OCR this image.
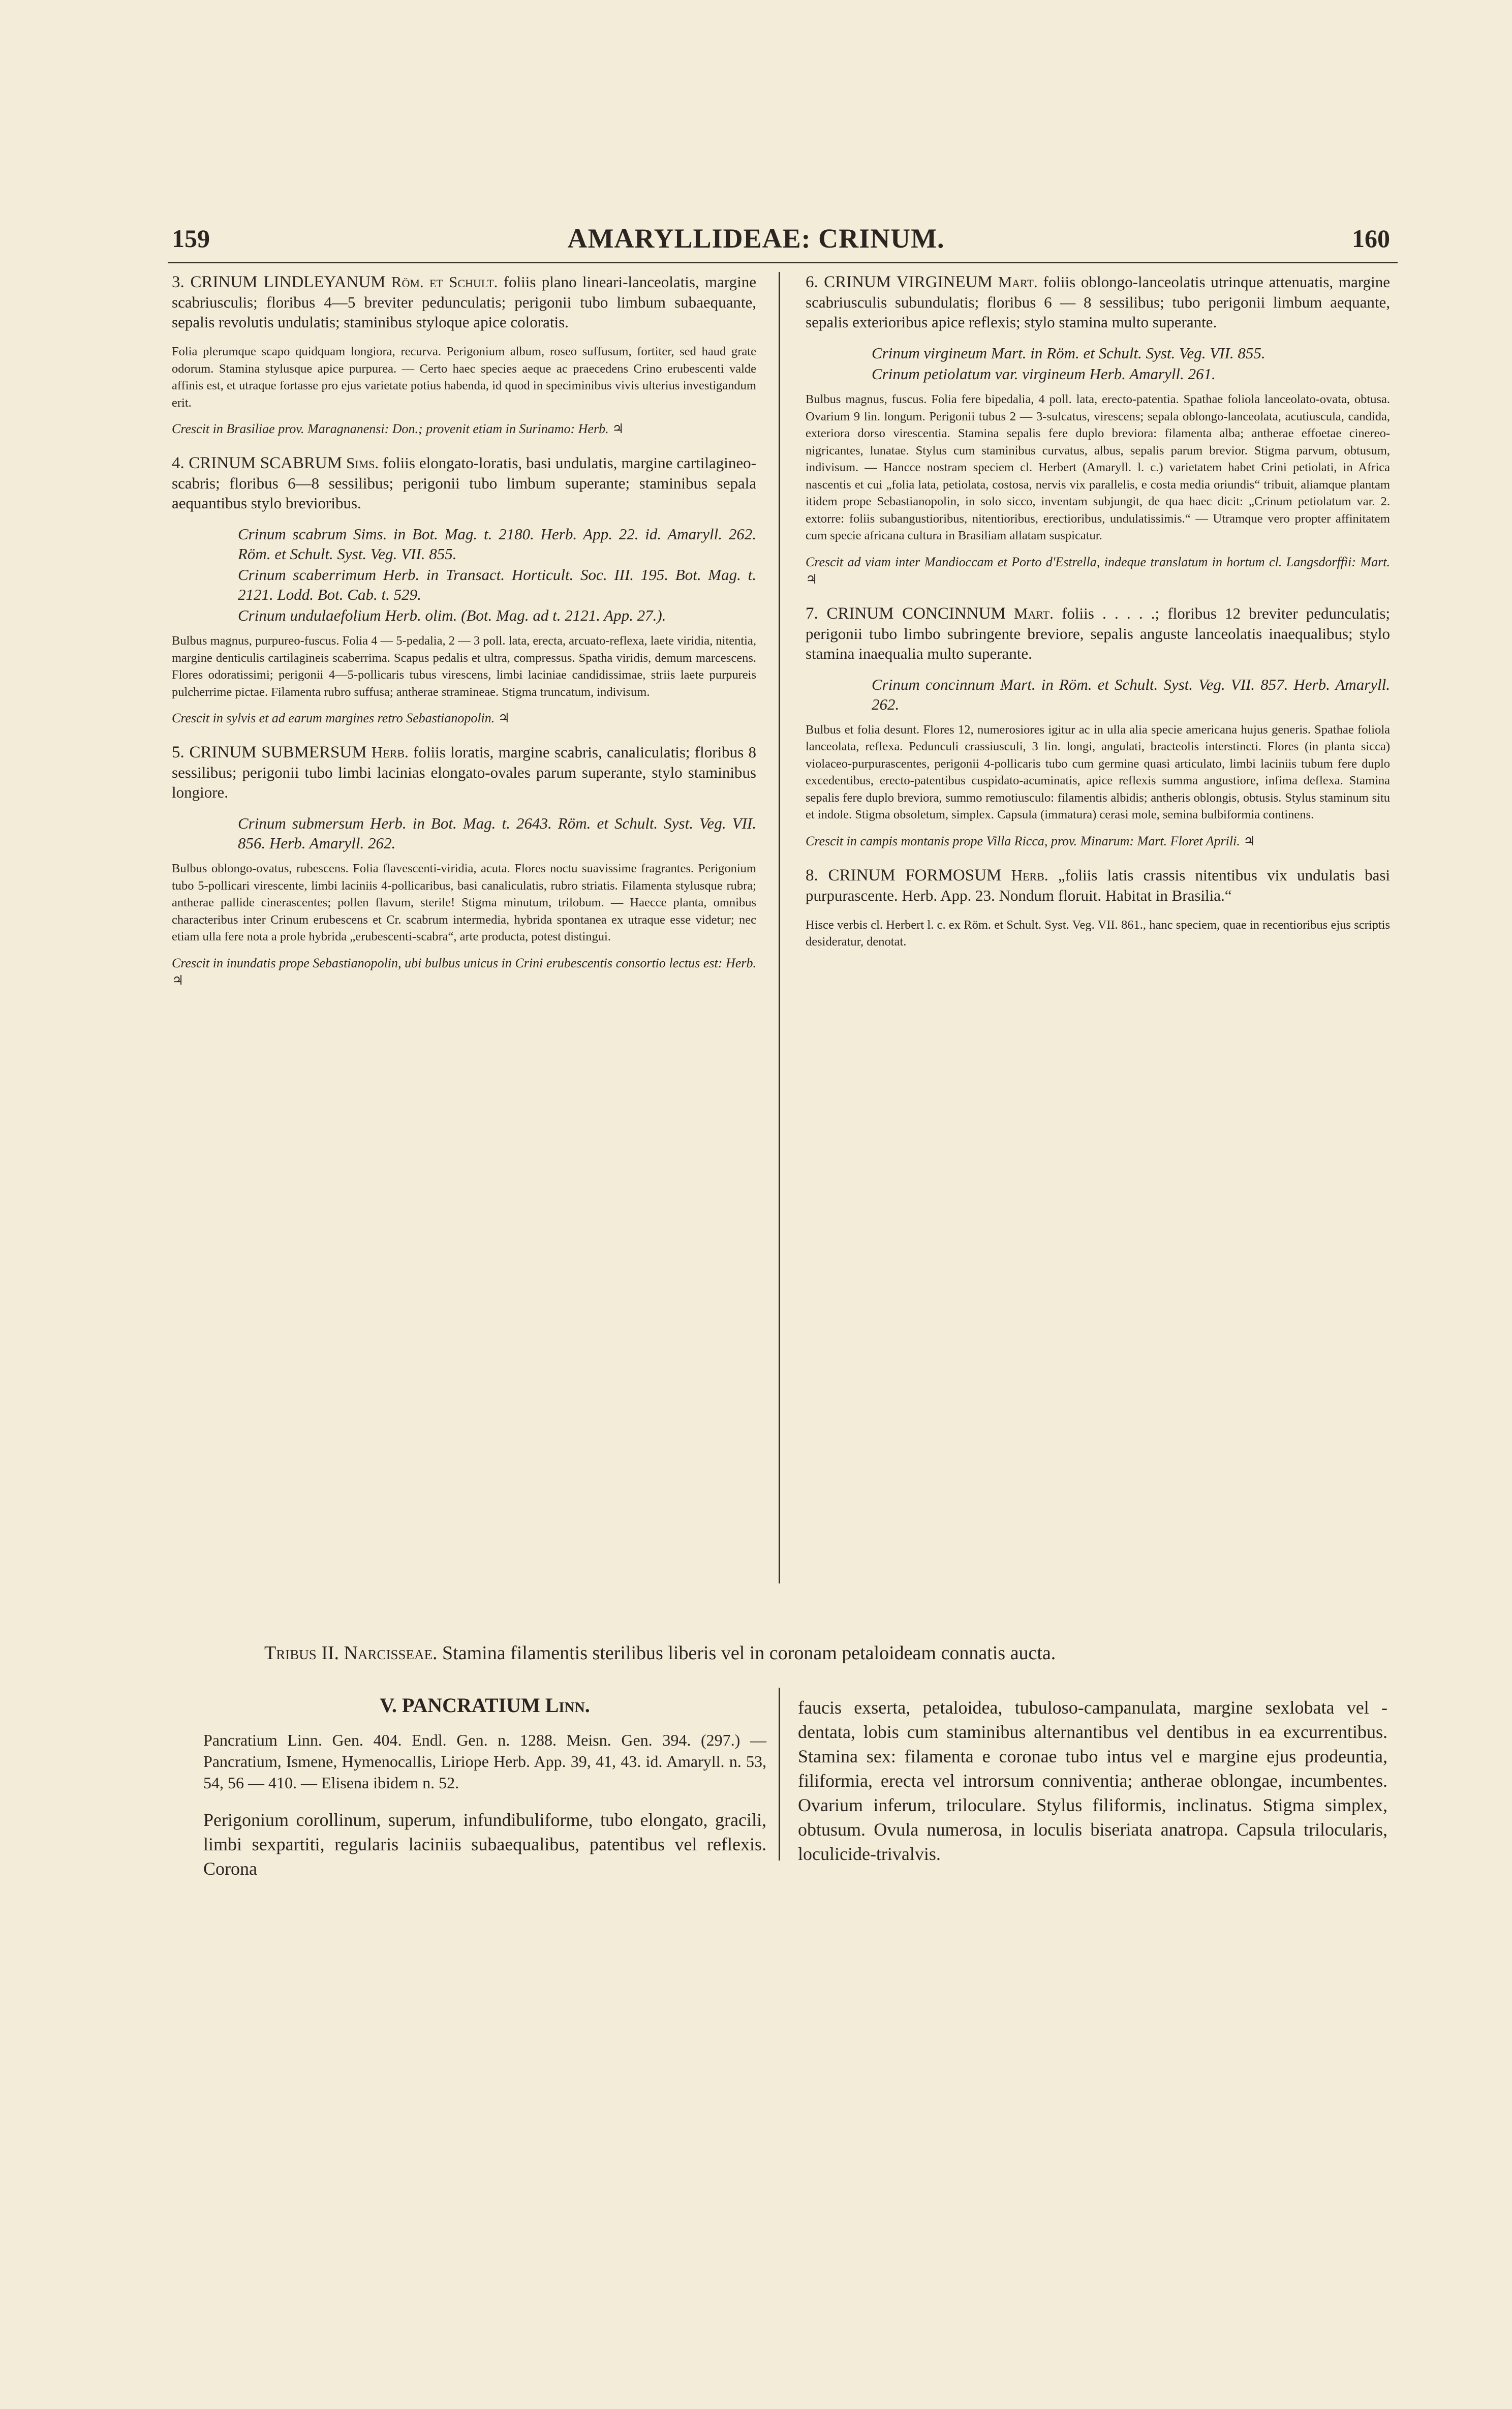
159	AMARYLLIDEAE: CRINUM.	160

3. CRINUM LINDLEYANUM Röm. et Schult. foliis plano lineari-lanceolatis, margine scabriusculis; floribus 4—5 breviter pedunculatis; perigonii tubo limbum subaequante, sepalis revolutis undulatis; staminibus styloque apice coloratis.

Folia plerumque scapo quidquam longiora, recurva. Perigonium album, roseo suffusum, fortiter, sed haud grate odorum. Stamina stylusque apice purpurea. — Certo haec species aeque ac praecedens Crino erubescenti valde affinis est, et utraque fortasse pro ejus varietate potius habenda, id quod in speciminibus vivis ulterius investigandum erit.

Crescit in Brasiliae prov. Maragnanensi: Don.; provenit etiam in Surinamo: Herb. ♃

4. CRINUM SCABRUM Sims. foliis elongato-loratis, basi undulatis, margine cartilagineo-scabris; floribus 6—8 sessilibus; perigonii tubo limbum superante; staminibus sepala aequantibus stylo brevioribus.

Crinum scabrum Sims. in Bot. Mag. t. 2180. Herb. App. 22. id. Amaryll. 262. Röm. et Schult. Syst. Veg. VII. 855.

Crinum scaberrimum Herb. in Transact. Horticult. Soc. III. 195. Bot. Mag. t. 2121. Lodd. Bot. Cab. t. 529.

Crinum undulaefolium Herb. olim. (Bot. Mag. ad t. 2121. App. 27.).

Bulbus magnus, purpureo-fuscus. Folia 4 — 5-pedalia, 2 — 3 poll. lata, erecta, arcuato-reflexa, laete viridia, nitentia, margine denticulis cartilagineis scaberrima. Scapus pedalis et ultra, compressus. Spatha viridis, demum marcescens. Flores odoratissimi; perigonii 4—5-pollicaris tubus virescens, limbi laciniae candidissimae, striis laete purpureis pulcherrime pictae. Filamenta rubro suffusa; antherae stramineae. Stigma truncatum, indivisum.

Crescit in sylvis et ad earum margines retro Sebastianopolin. ♃

5. CRINUM SUBMERSUM Herb. foliis loratis, margine scabris, canaliculatis; floribus 8 sessilibus; perigonii tubo limbi lacinias elongato-ovales parum superante, stylo staminibus longiore.

Crinum submersum Herb. in Bot. Mag. t. 2643. Röm. et Schult. Syst. Veg. VII. 856. Herb. Amaryll. 262.

Bulbus oblongo-ovatus, rubescens. Folia flavescenti-viridia, acuta. Flores noctu suavissime fragrantes. Perigonium tubo 5-pollicari virescente, limbi laciniis 4-pollicaribus, basi canaliculatis, rubro striatis. Filamenta stylusque rubra; antherae pallide cinerascentes; pollen flavum, sterile! Stigma minutum, trilobum. — Haecce planta, omnibus characteribus inter Crinum erubescens et Cr. scabrum intermedia, hybrida spontanea ex utraque esse videtur; nec etiam ulla fere nota a prole hybrida „erubescenti-scabra“, arte producta, potest distingui.

Crescit in inundatis prope Sebastianopolin, ubi bulbus unicus in Crini erubescentis consortio lectus est: Herb. ♃

6. CRINUM VIRGINEUM Mart. foliis oblongo-lanceolatis utrinque attenuatis, margine scabriusculis subundulatis; floribus 6 — 8 sessilibus; tubo perigonii limbum aequante, sepalis exterioribus apice reflexis; stylo stamina multo superante.

Crinum virgineum Mart. in Röm. et Schult. Syst. Veg. VII. 855.

Crinum petiolatum var. virgineum Herb. Amaryll. 261.

Bulbus magnus, fuscus. Folia fere bipedalia, 4 poll. lata, erecto-patentia. Spathae foliola lanceolato-ovata, obtusa. Ovarium 9 lin. longum. Perigonii tubus 2 — 3-sulcatus, virescens; sepala oblongo-lanceolata, acutiuscula, candida, exteriora dorso virescentia. Stamina sepalis fere duplo breviora: filamenta alba; antherae effoetae cinereo-nigricantes, lunatae. Stylus cum staminibus curvatus, albus, sepalis parum brevior. Stigma parvum, obtusum, indivisum. — Hancce nostram speciem cl. Herbert (Amaryll. l. c.) varietatem habet Crini petiolati, in Africa nascentis et cui „folia lata, petiolata, costosa, nervis vix parallelis, e costa media oriundis“ tribuit, aliamque plantam itidem prope Sebastianopolin, in solo sicco, inventam subjungit, de qua haec dicit: „Crinum petiolatum var. 2. extorre: foliis subangustioribus, nitentioribus, erectioribus, undulatissimis.“ — Utramque vero propter affinitatem cum specie africana cultura in Brasiliam allatam suspicatur.

Crescit ad viam inter Mandioccam et Porto d'Estrella, indeque translatum in hortum cl. Langsdorffii: Mart. ♃

7. CRINUM CONCINNUM Mart. foliis . . . . .; floribus 12 breviter pedunculatis; perigonii tubo limbo subringente breviore, sepalis anguste lanceolatis inaequalibus; stylo stamina inaequalia multo superante.

Crinum concinnum Mart. in Röm. et Schult. Syst. Veg. VII. 857. Herb. Amaryll. 262.

Bulbus et folia desunt. Flores 12, numerosiores igitur ac in ulla alia specie americana hujus generis. Spathae foliola lanceolata, reflexa. Pedunculi crassiusculi, 3 lin. longi, angulati, bracteolis interstincti. Flores (in planta sicca) violaceo-purpurascentes, perigonii 4-pollicaris tubo cum germine quasi articulato, limbi laciniis tubum fere duplo excedentibus, erecto-patentibus cuspidato-acuminatis, apice reflexis summa angustiore, infima deflexa. Stamina sepalis fere duplo breviora, summo remotiusculo: filamentis albidis; antheris oblongis, obtusis. Stylus staminum situ et indole. Stigma obsoletum, simplex. Capsula (immatura) cerasi mole, semina bulbiformia continens.

Crescit in campis montanis prope Villa Ricca, prov. Minarum: Mart. Floret Aprili. ♃

8. CRINUM FORMOSUM Herb. „foliis latis crassis nitentibus vix undulatis basi purpurascente. Herb. App. 23. Nondum floruit. Habitat in Brasilia.“

Hisce verbis cl. Herbert l. c. ex Röm. et Schult. Syst. Veg. VII. 861., hanc speciem, quae in recentioribus ejus scriptis desideratur, denotat.

Tribus II. Narcisseae. Stamina filamentis sterilibus liberis vel in coronam petaloideam connatis aucta.

V. PANCRATIUM Linn.

Pancratium Linn. Gen. 404. Endl. Gen. n. 1288. Meisn. Gen. 394. (297.) — Pancratium, Ismene, Hymenocallis, Liriope Herb. App. 39, 41, 43. id. Amaryll. n. 53, 54, 56 — 410. — Elisena ibidem n. 52.

Perigonium corollinum, superum, infundibuliforme, tubo elongato, gracili, limbi sexpartiti, regularis laciniis subaequalibus, patentibus vel reflexis. Corona

faucis exserta, petaloidea, tubuloso-campanulata, margine sexlobata vel -dentata, lobis cum staminibus alternantibus vel dentibus in ea excurrentibus. Stamina sex: filamenta e coronae tubo intus vel e margine ejus prodeuntia, filiformia, erecta vel introrsum conniventia; antherae oblongae, incumbentes. Ovarium inferum, triloculare. Stylus filiformis, inclinatus. Stigma simplex, obtusum. Ovula numerosa, in loculis biseriata anatropa. Capsula trilocularis, loculicide-trivalvis.
